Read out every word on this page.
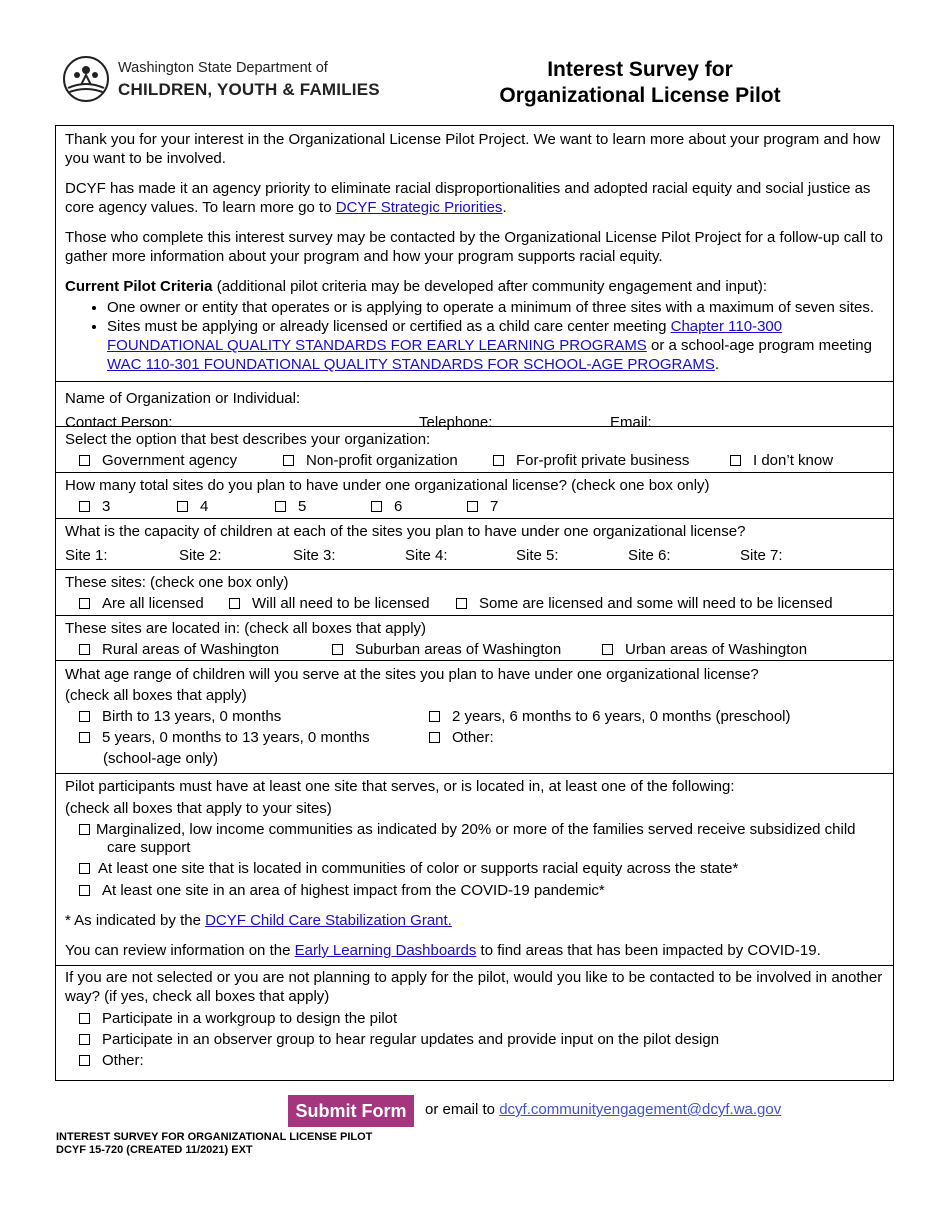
Washington State Department of
CHILDREN, YOUTH & FAMILIES
Interest Survey for
Organizational License Pilot

Thank you for your interest in the Organizational License Pilot Project. We want to learn more about your program and how you want to be involved.

DCYF has made it an agency priority to eliminate racial disproportionalities and adopted racial equity and social justice as core agency values. To learn more go to DCYF Strategic Priorities.

Those who complete this interest survey may be contacted by the Organizational License Pilot Project for a follow-up call to gather more information about your program and how your program supports racial equity.

Current Pilot Criteria (additional pilot criteria may be developed after community engagement and input):

• One owner or entity that operates or is applying to operate a minimum of three sites with a maximum of seven sites.
• Sites must be applying or already licensed or certified as a child care center meeting Chapter 110-300 FOUNDATIONAL QUALITY STANDARDS FOR EARLY LEARNING PROGRAMS or a school-age program meeting WAC 110-301 FOUNDATIONAL QUALITY STANDARDS FOR SCHOOL-AGE PROGRAMS.
Name of Organization or Individual:
Contact Person:	Telephone:	Email:
Select the option that best describes your organization:
Government agency	Non-profit organization	For-profit private business	I don’t know
How many total sites do you plan to have under one organizational license? (check one box only)
3	4	5	6	7
What is the capacity of children at each of the sites you plan to have under one organizational license?
Site 1:	Site 2:	Site 3:	Site 4:	Site 5:	Site 6:	Site 7:
These sites: (check one box only)
Are all licensed	Will all need to be licensed	Some are licensed and some will need to be licensed
These sites are located in: (check all boxes that apply)
Rural areas of Washington	Suburban areas of Washington	Urban areas of Washington
What age range of children will you serve at the sites you plan to have under one organizational license?
(check all boxes that apply)
Birth to 13 years, 0 months	2 years, 6 months to 6 years, 0 months (preschool)
5 years, 0 months to 13 years, 0 months	Other:
(school-age only)
Pilot participants must have at least one site that serves, or is located in, at least one of the following:
(check all boxes that apply to your sites)
Marginalized, low income communities as indicated by 20% or more of the families served receive subsidized child
care support
At least one site that is located in communities of color or supports racial equity across the state*
At least one site in an area of highest impact from the COVID-19 pandemic*
* As indicated by the DCYF Child Care Stabilization Grant.
You can review information on the Early Learning Dashboards to find areas that has been impacted by COVID-19.
If you are not selected or you are not planning to apply for the pilot, would you like to be contacted to be involved in another way? (if yes, check all boxes that apply)
Participate in a workgroup to design the pilot
Participate in an observer group to hear regular updates and provide input on the pilot design
Other:
Submit Form	or email to dcyf.communityengagement@dcyf.wa.gov
INTEREST SURVEY FOR ORGANIZATIONAL LICENSE PILOT
DCYF 15-720 (CREATED 11/2021) EXT
